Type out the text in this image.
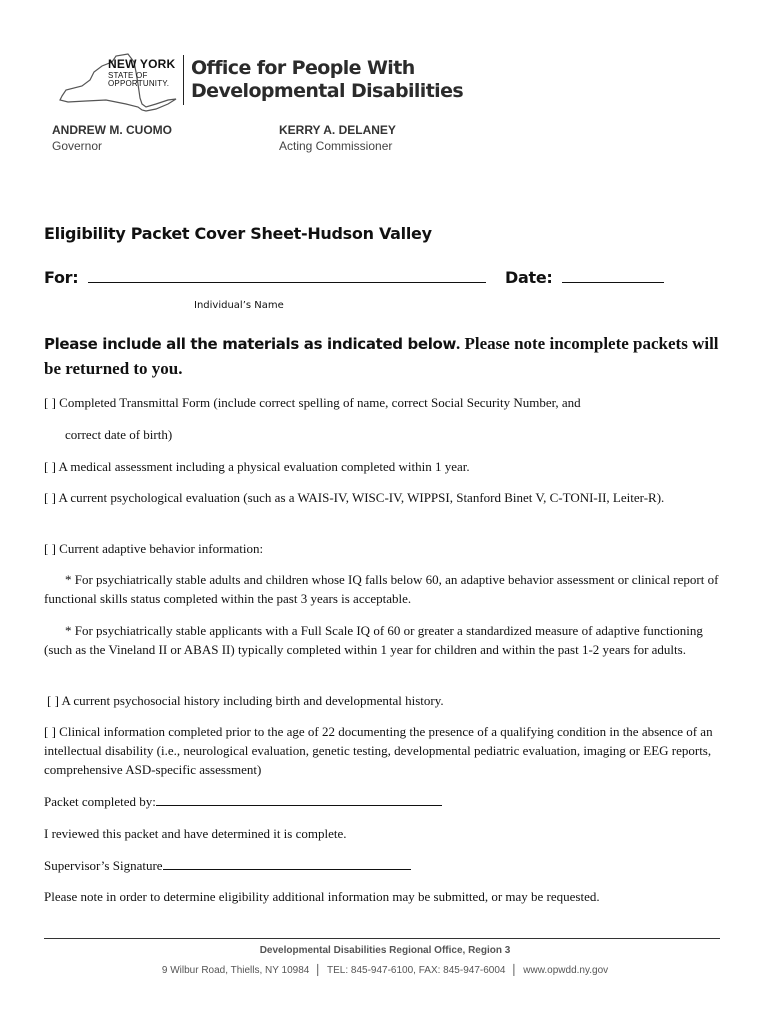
NEW YORK
STATE OF
OPPORTUNITY.
Office for People With
Developmental Disabilities
ANDREW M. CUOMO
Governor
KERRY A. DELANEY
Acting Commissioner
Eligibility Packet Cover Sheet-Hudson Valley
For:	Date:
Individual’s Name
Please include all the materials as indicated below. Please note incomplete packets will be returned to you.
[ ] Completed Transmittal Form (include correct spelling of name, correct Social Security Number, and
correct date of birth)
[ ] A medical assessment including a physical evaluation completed within 1 year.
[ ] A current psychological evaluation (such as a WAIS-IV, WISC-IV, WIPPSI, Stanford Binet V, C-TONI-II, Leiter-R).
[ ] Current adaptive behavior information:
* For psychiatrically stable adults and children whose IQ falls below 60, an adaptive behavior assessment or clinical report of functional skills status completed within the past 3 years is acceptable.
* For psychiatrically stable applicants with a Full Scale IQ of 60 or greater a standardized measure of adaptive functioning (such as the Vineland II or ABAS II) typically completed within 1 year for children and within the past 1-2 years for adults.
[ ] A current psychosocial history including birth and developmental history.
[ ] Clinical information completed prior to the age of 22 documenting the presence of a qualifying condition in the absence of an intellectual disability (i.e., neurological evaluation, genetic testing, developmental pediatric evaluation, imaging or EEG reports, comprehensive ASD-specific assessment)
Packet completed by:
I reviewed this packet and have determined it is complete.
Supervisor’s Signature
Please note in order to determine eligibility additional information may be submitted, or may be requested.
Developmental Disabilities Regional Office, Region 3
9 Wilbur Road, Thiells, NY 10984 │ TEL: 845-947-6100, FAX: 845-947-6004 │ www.opwdd.ny.gov
